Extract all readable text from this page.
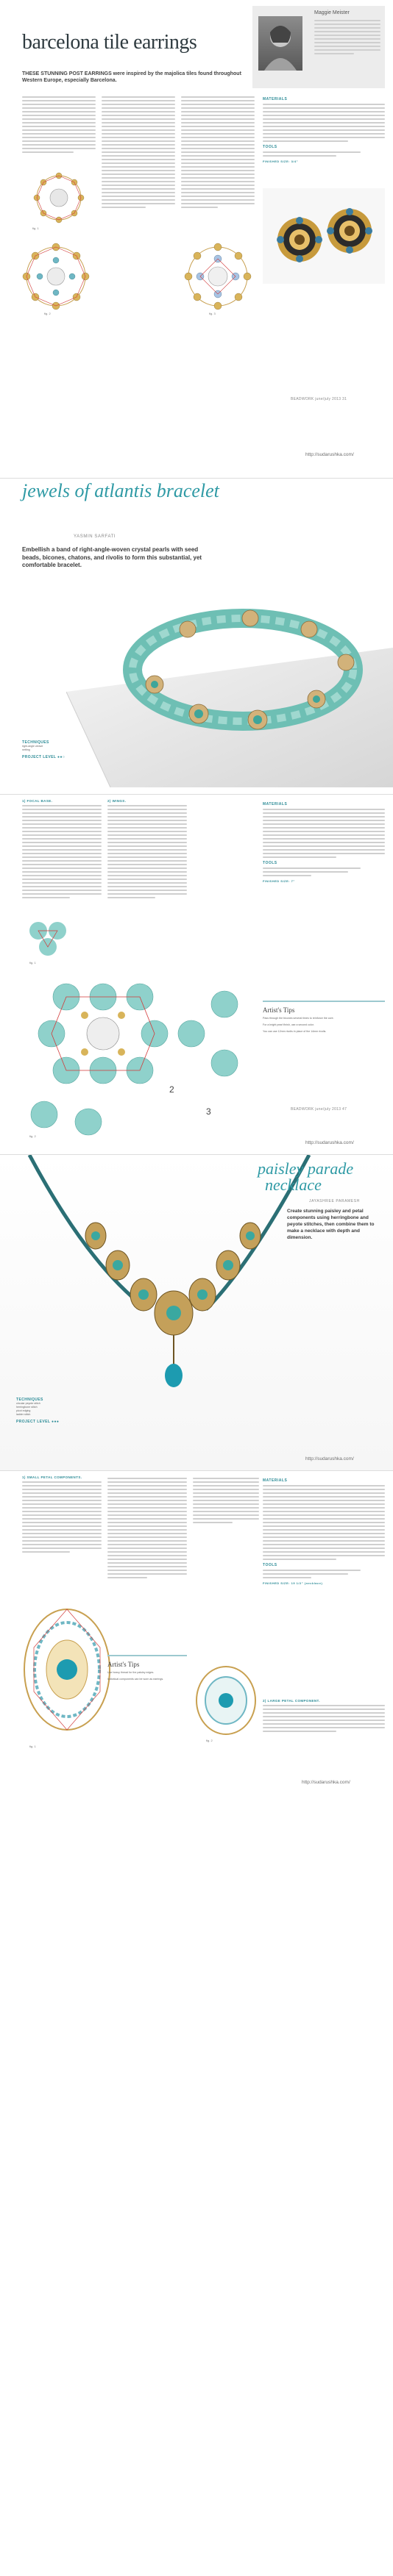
barcelona tile earrings
Maggie Meister
THESE STUNNING POST EARRINGS were inspired by the majolica tiles found throughout Western Europe, especially Barcelona.
fig. 1
fig. 2	fig. 3
MATERIALS
TOOLS
FINISHED SIZE: 3/4"
BEADWORK june/july 2013 31
http://sudarushka.com/
jewels of atlantis bracelet
YASMIN SARFATI
Embellish a band of right-angle-woven crystal pearls with seed beads, bicones, chatons, and rivolis to form this substantial, yet comfortable bracelet.
TECHNIQUES
right-angle weave
netting
PROJECT LEVEL ●●○
1) FOCAL BASE.	2) WINGS.
MATERIALS
TOOLS
FINISHED SIZE: 7"
fig. 1
2
3
fig. 2
Artist's Tips
Pass through the bicones several times to reinforce the core.
For a bright pearl finish, use a second color.
You can use 12mm rivolis in place of the 14mm rivolis.
BEADWORK june/july 2013 47
http://sudarushka.com/
paisley parade
necklace
JAYASHREE PARAMESH
Create stunning paisley and petal components using herringbone and peyote stitches, then combine them to make a necklace with depth and dimension.
TECHNIQUES
circular peyote stitch
herringbone stitch
picot edging
ladder stitch
PROJECT LEVEL ●●●
http://sudarushka.com/
1) SMALL PETAL COMPONENTS.
MATERIALS
TOOLS
FINISHED SIZE: 19 1/2" (necklace)
fig. 1
fig. 2
Artist's Tips
Use heavy thread for the paisley edges.
Individual components can be worn as earrings.
2) LARGE PETAL COMPONENT.
http://sudarushka.com/
